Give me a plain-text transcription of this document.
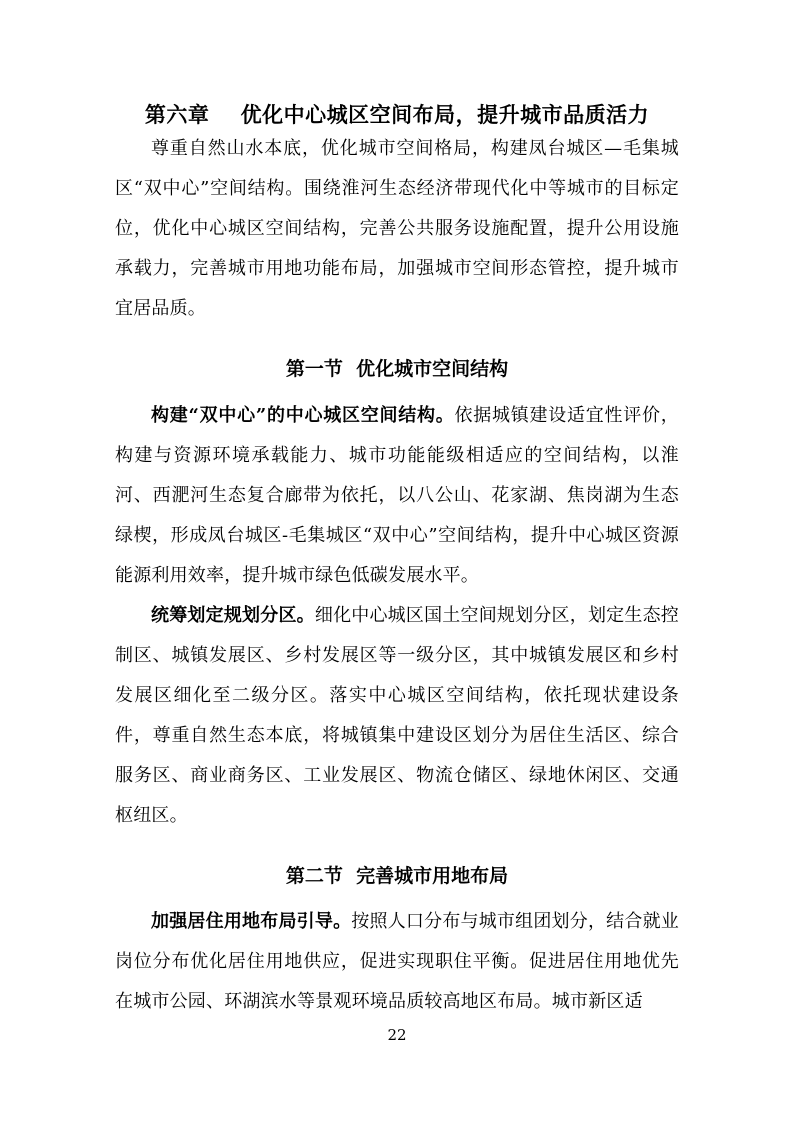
第六章    优化中心城区空间布局，提升城市品质活力

尊重自然山水本底，优化城市空间格局，构建凤台城区—毛集城区“双中心”空间结构。围绕淮河生态经济带现代化中等城市的目标定位，优化中心城区空间结构，完善公共服务设施配置，提升公用设施承载力，完善城市用地功能布局，加强城市空间形态管控，提升城市宜居品质。

第一节  优化城市空间结构

构建“双中心”的中心城区空间结构。依据城镇建设适宜性评价，构建与资源环境承载能力、城市功能能级相适应的空间结构，以淮河、西淝河生态复合廊带为依托，以八公山、花家湖、焦岗湖为生态绿楔，形成凤台城区-毛集城区“双中心”空间结构，提升中心城区资源能源利用效率，提升城市绿色低碳发展水平。

统筹划定规划分区。细化中心城区国土空间规划分区，划定生态控制区、城镇发展区、乡村发展区等一级分区，其中城镇发展区和乡村发展区细化至二级分区。落实中心城区空间结构，依托现状建设条件，尊重自然生态本底，将城镇集中建设区划分为居住生活区、综合服务区、商业商务区、工业发展区、物流仓储区、绿地休闲区、交通枢纽区。

第二节  完善城市用地布局

加强居住用地布局引导。按照人口分布与城市组团划分，结合就业岗位分布优化居住用地供应，促进实现职住平衡。促进居住用地优先在城市公园、环湖滨水等景观环境品质较高地区布局。城市新区适

22
